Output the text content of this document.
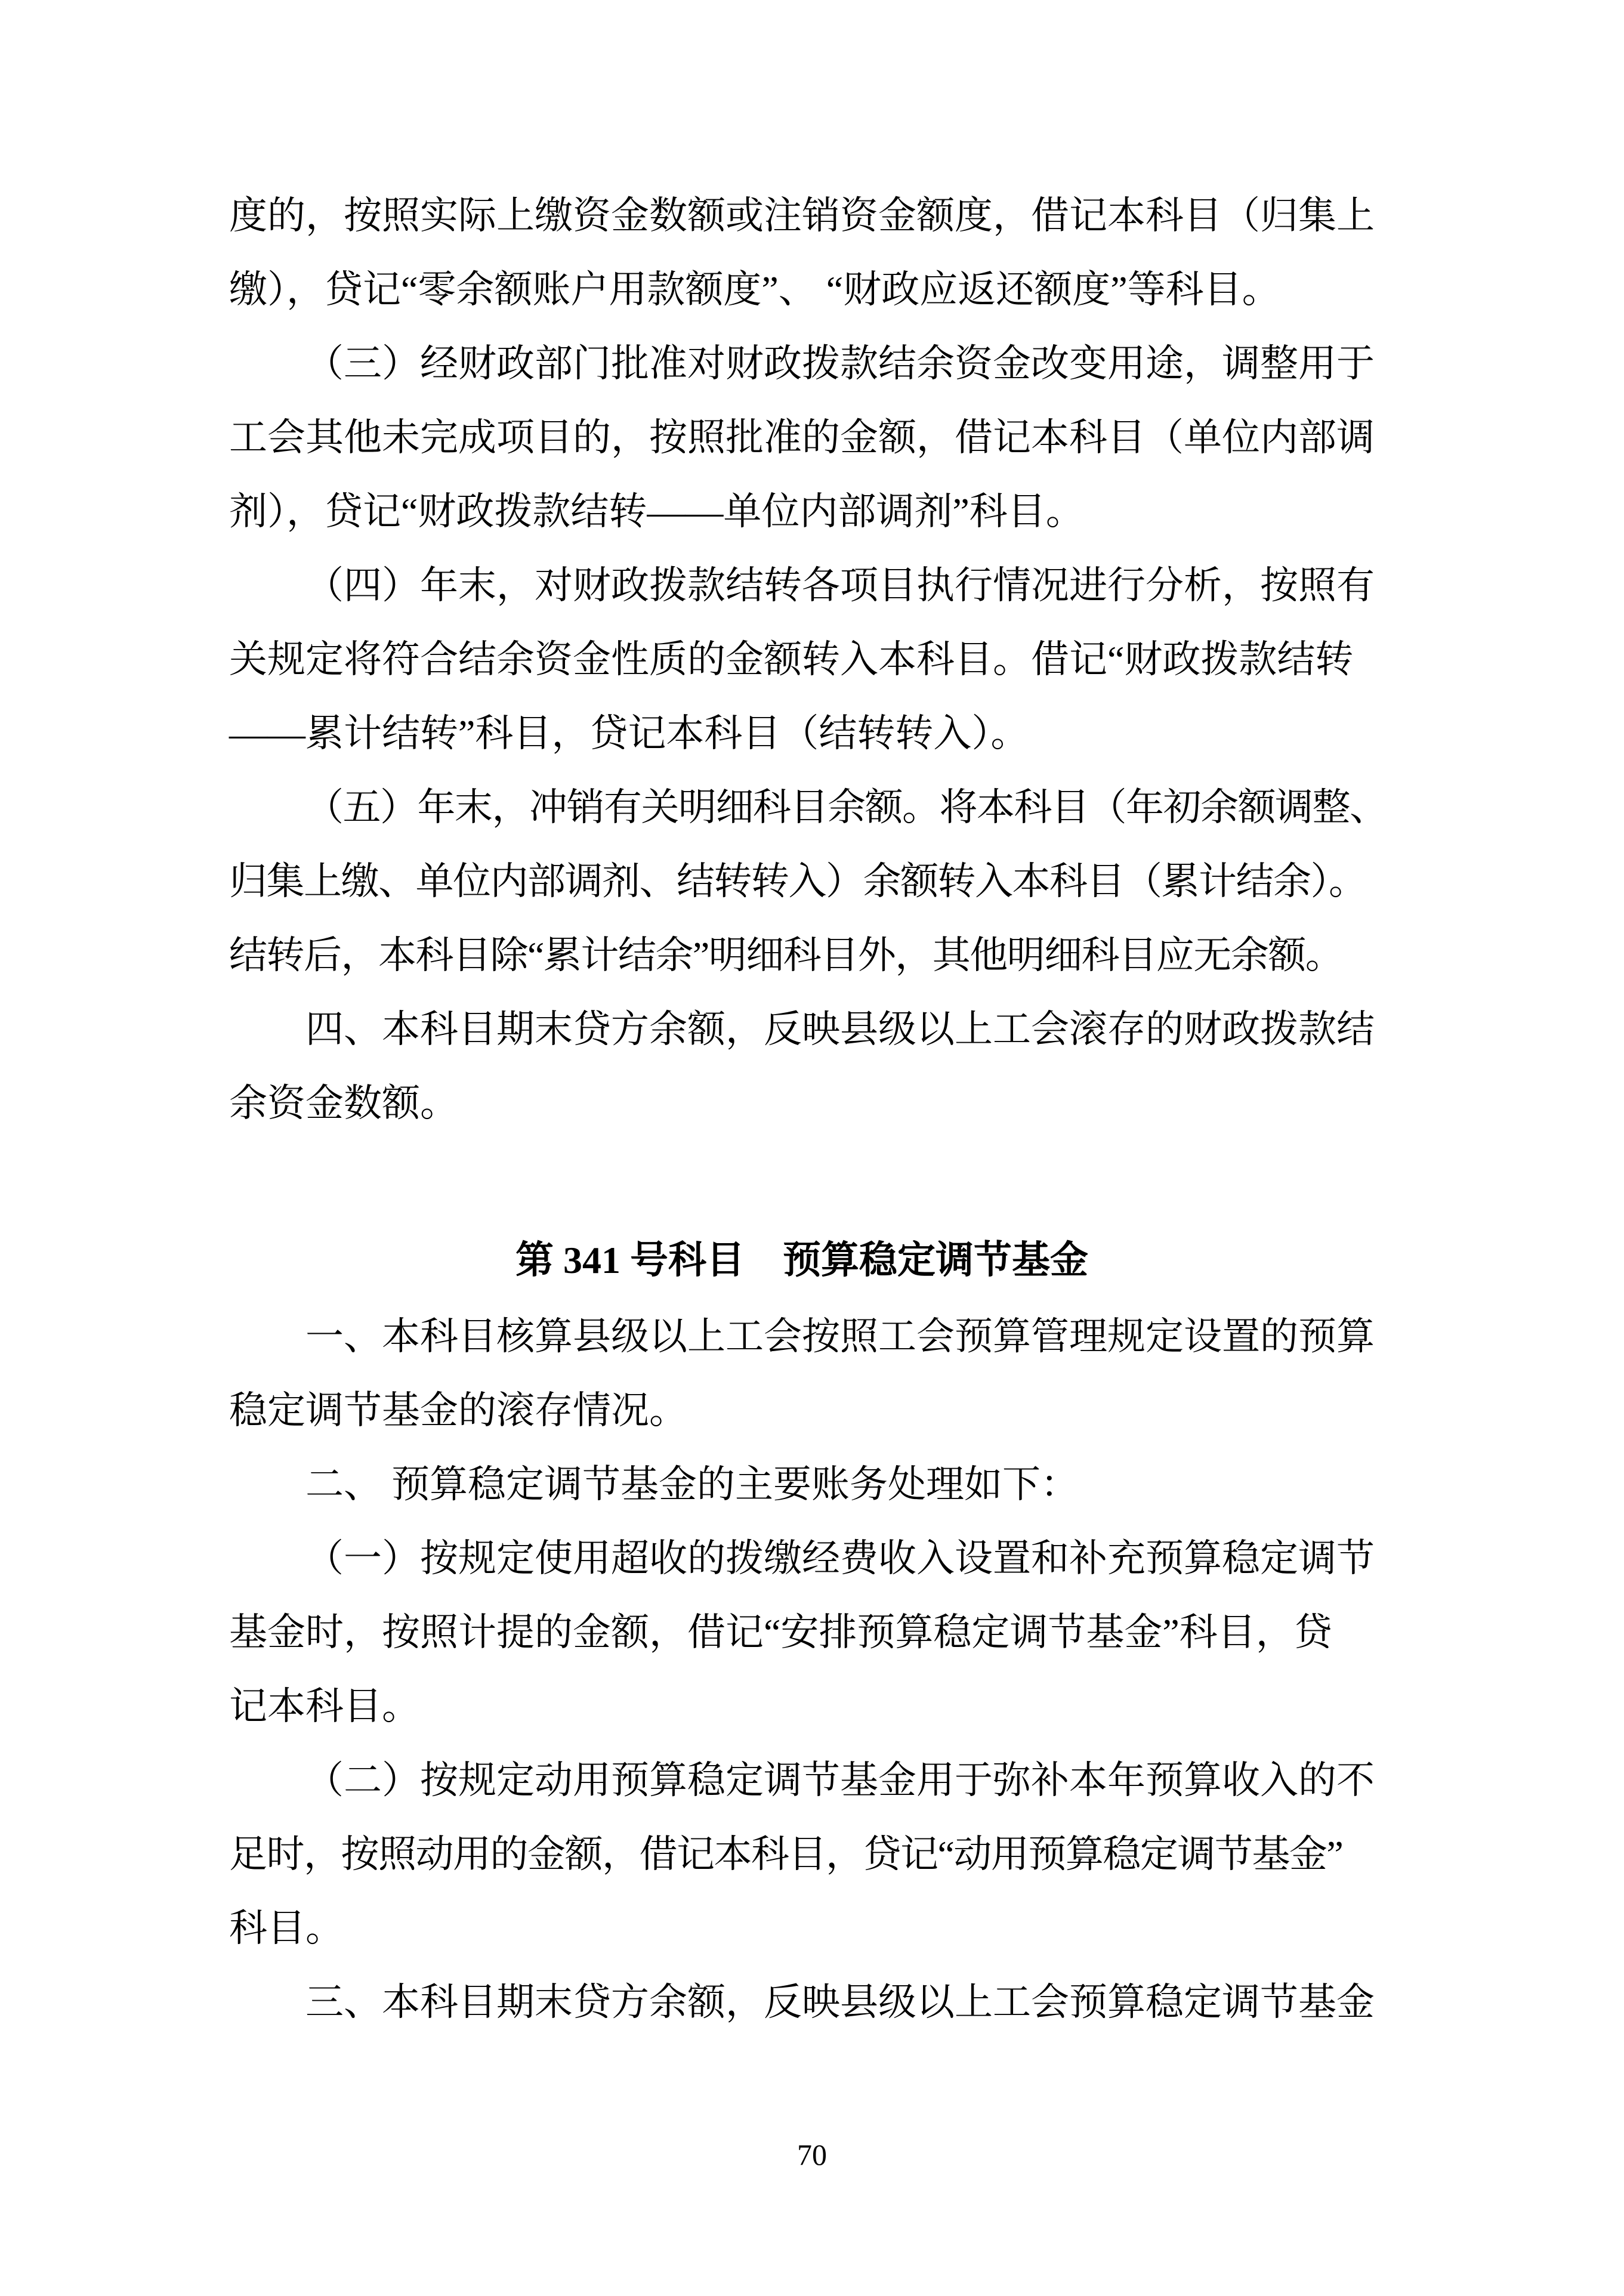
度的，按照实际上缴资金数额或注销资金额度，借记本科目（归集上
缴），贷记“零余额账户用款额度”、 “财政应返还额度”等科目。
（三）经财政部门批准对财政拨款结余资金改变用途，调整用于
工会其他未完成项目的，按照批准的金额，借记本科目（单位内部调
剂），贷记“财政拨款结转——单位内部调剂”科目。
（四）年末，对财政拨款结转各项目执行情况进行分析，按照有
关规定将符合结余资金性质的金额转入本科目。借记“财政拨款结转
——累计结转”科目，贷记本科目（结转转入）。
（五）年末，冲销有关明细科目余额。将本科目（年初余额调整、
归集上缴、单位内部调剂、结转转入）余额转入本科目（累计结余）。
结转后，本科目除“累计结余”明细科目外，其他明细科目应无余额。
四、本科目期末贷方余额，反映县级以上工会滚存的财政拨款结
余资金数额。
第 341 号科目　预算稳定调节基金
一、本科目核算县级以上工会按照工会预算管理规定设置的预算
稳定调节基金的滚存情况。
二、 预算稳定调节基金的主要账务处理如下：
（一）按规定使用超收的拨缴经费收入设置和补充预算稳定调节
基金时，按照计提的金额，借记“安排预算稳定调节基金”科目，贷
记本科目。
（二）按规定动用预算稳定调节基金用于弥补本年预算收入的不
足时，按照动用的金额，借记本科目，贷记“动用预算稳定调节基金”
科目。
三、本科目期末贷方余额，反映县级以上工会预算稳定调节基金
70
